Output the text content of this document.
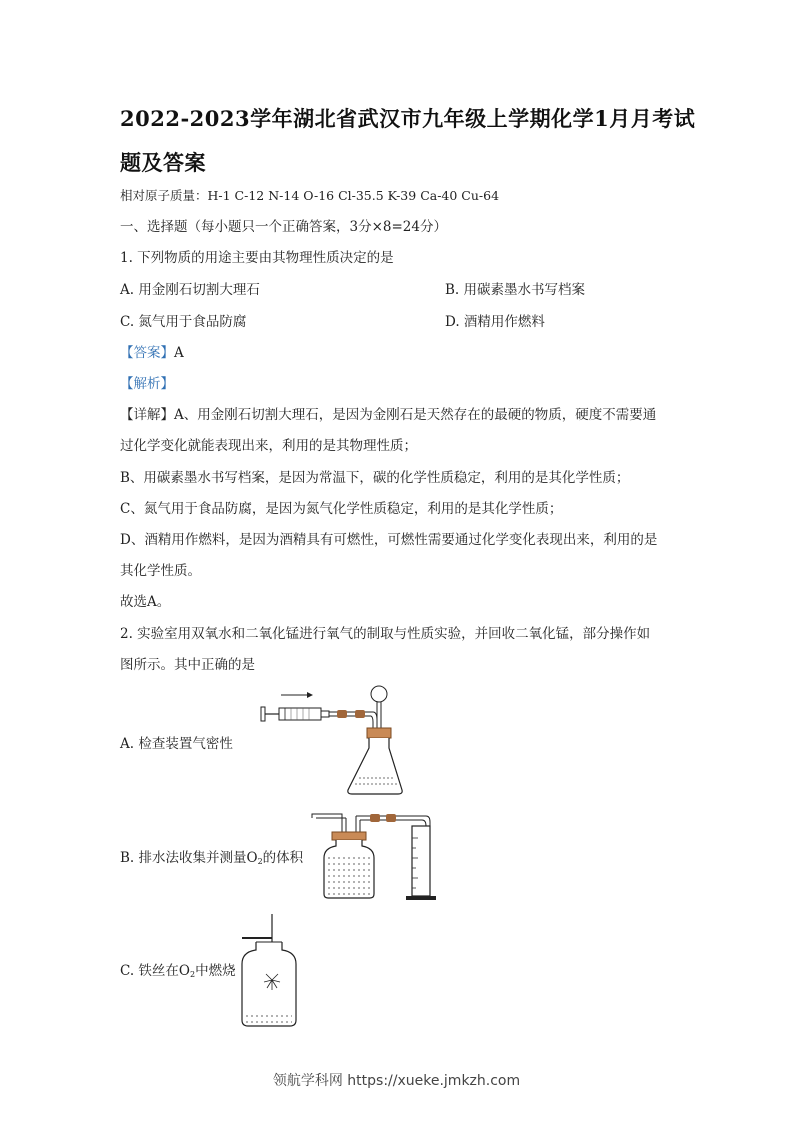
2022-2023学年湖北省武汉市九年级上学期化学1月月考试
题及答案
相对原子质量：H-1 C-12 N-14 O-16 Cl-35.5 K-39 Ca-40 Cu-64
一、选择题（每小题只一个正确答案，3分×8=24分）
1. 下列物质的用途主要由其物理性质决定的是
A. 用金刚石切割大理石	B. 用碳素墨水书写档案
C. 氮气用于食品防腐	D. 酒精用作燃料
【答案】A
【解析】
【详解】A、用金刚石切割大理石，是因为金刚石是天然存在的最硬的物质，硬度不需要通
过化学变化就能表现出来，利用的是其物理性质；
B、用碳素墨水书写档案，是因为常温下，碳的化学性质稳定，利用的是其化学性质；
C、氮气用于食品防腐，是因为氮气化学性质稳定，利用的是其化学性质；
D、酒精用作燃料，是因为酒精具有可燃性，可燃性需要通过化学变化表现出来，利用的是
其化学性质。
故选A。
2. 实验室用双氧水和二氧化锰进行氧气的制取与性质实验，并回收二氧化锰，部分操作如
图所示。其中正确的是
A. 检查装置气密性
B. 排水法收集并测量$O_2$的体积
C. 铁丝在$O_2$中燃烧
领航学科网 https://xueke.jmkzh.com
